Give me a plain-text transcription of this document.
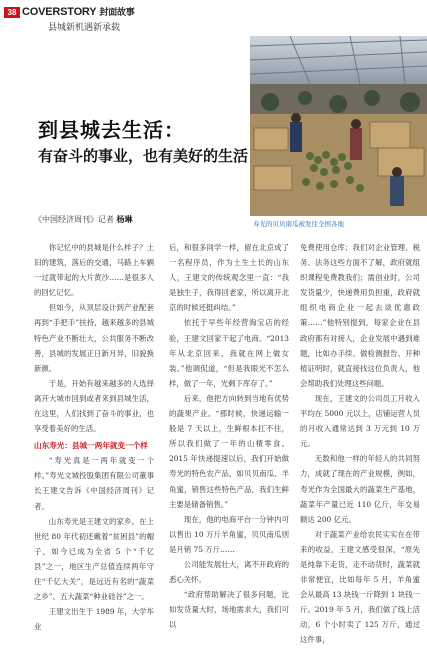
38 COVERSTORY 封面故事
县城新机遇新承载
寿光的贝贝南瓜被发往全国各地
到县城去生活：
有奋斗的事业，也有美好的生活
《中国经济周刊》记者 杨琳

你记忆中的县城是什么样子？土旧的建筑，落后的交通，马路上车辆一过就带起的大片黄沙……是很多人的回忆记忆。

但如今，从顶层设计到产业配套再到“手把手”扶持，越来越多的县城特色产业不断壮大，公共服务不断改善，县城的发展正日新月异，旧貌换新颜。

于是，开始有越来越多的人选择离开大城市回到或者来到县城生活，在这里，人们找到了奋斗的事业，也享受着美好的生活。

山东寿光：县城一两年就变一个样

“寿光真是一两年就变一个样。”寿光文城投股集团有限公司董事长王建文告诉《中国经济周刊》记者。

山东寿光是王建文的家乡。在上世纪 80 年代初还戴着“贫困县”的帽子，如今已成为全省 5 个“千亿县”之一，地区生产总值连续两年守住“千亿大关”，是远近有名的“蔬菜之乡”、五大蔬菜“种业硅谷”之一。

王建文出生于 1989 年，大学毕业

后，和很多同学一样，留在北京成了一名程序员，作为土生土长的山东人，王建文的传统观念里一直：“我是独生子，我得回老家，所以离开北京的时候还挺纠结。”

依托于早些年经营淘宝店的经验，王建文回家干起了电商。“2013 年从北京回来，我就在网上做女装。”他调侃道，“但是我眼光不怎么样，做了一年，光剩下库存了。”

后来，他把方向转到当地有优势的蔬果产业。“那时候，快递运输一般是 7 天以上，生鲜根本扛不住，所以我们做了一年的山楂零食。2015 年快递提速以后，我们开始做寿光的特色农产品，如贝贝南瓜、羊角蜜，销售这些特色产品，我们生鲜主要是储备销售。”

现在，他的电商平台一分钟内可以售出 10 万斤羊角蜜，贝贝南瓜则是月销 75 万斤……

公司能发展壮大，离不开政府的悉心关怀。

“政府帮助解决了很多问题，比如发货量大时，场地需求大，我们可以

免费使用仓库；我们对企业管理、税务、法务这些方面不了解，政府就组织课程免费教我们；需创业时，公司发货量少，快递费用负担重，政府就组织电商企业一起去谈优惠政策……”他特别提到，每家企业在县政府都有对接人，企业发展中遇到难题，比如办手续、做检测报告、开种植证明时，就直接找这位负责人，他会帮助我们处理这些问题。

现在，王建文的公司员工月收入平均在 5000 元以上，店铺运营人员的月收入通常达到 3 万元到 10 万元。

无数和他一样的年轻人的共同努力，成就了现在的产业规模，例如，寿光作为全国最大的蔬菜生产基地，蔬菜年产量已近 110 亿斤，年交易额达 200 亿元。

对于蔬菜产业给农民实实在在带来的收益，王建文感受很深，“原先是纯靠下走货，走不动货时，蔬菜就非常便宜，比如每年 5 月，羊角蜜会从最高 13 块钱一斤降到 1 块钱一斤。2019 年 5 月，我们做了线上活动，6 个小时卖了 125 万斤，通过这件事，
